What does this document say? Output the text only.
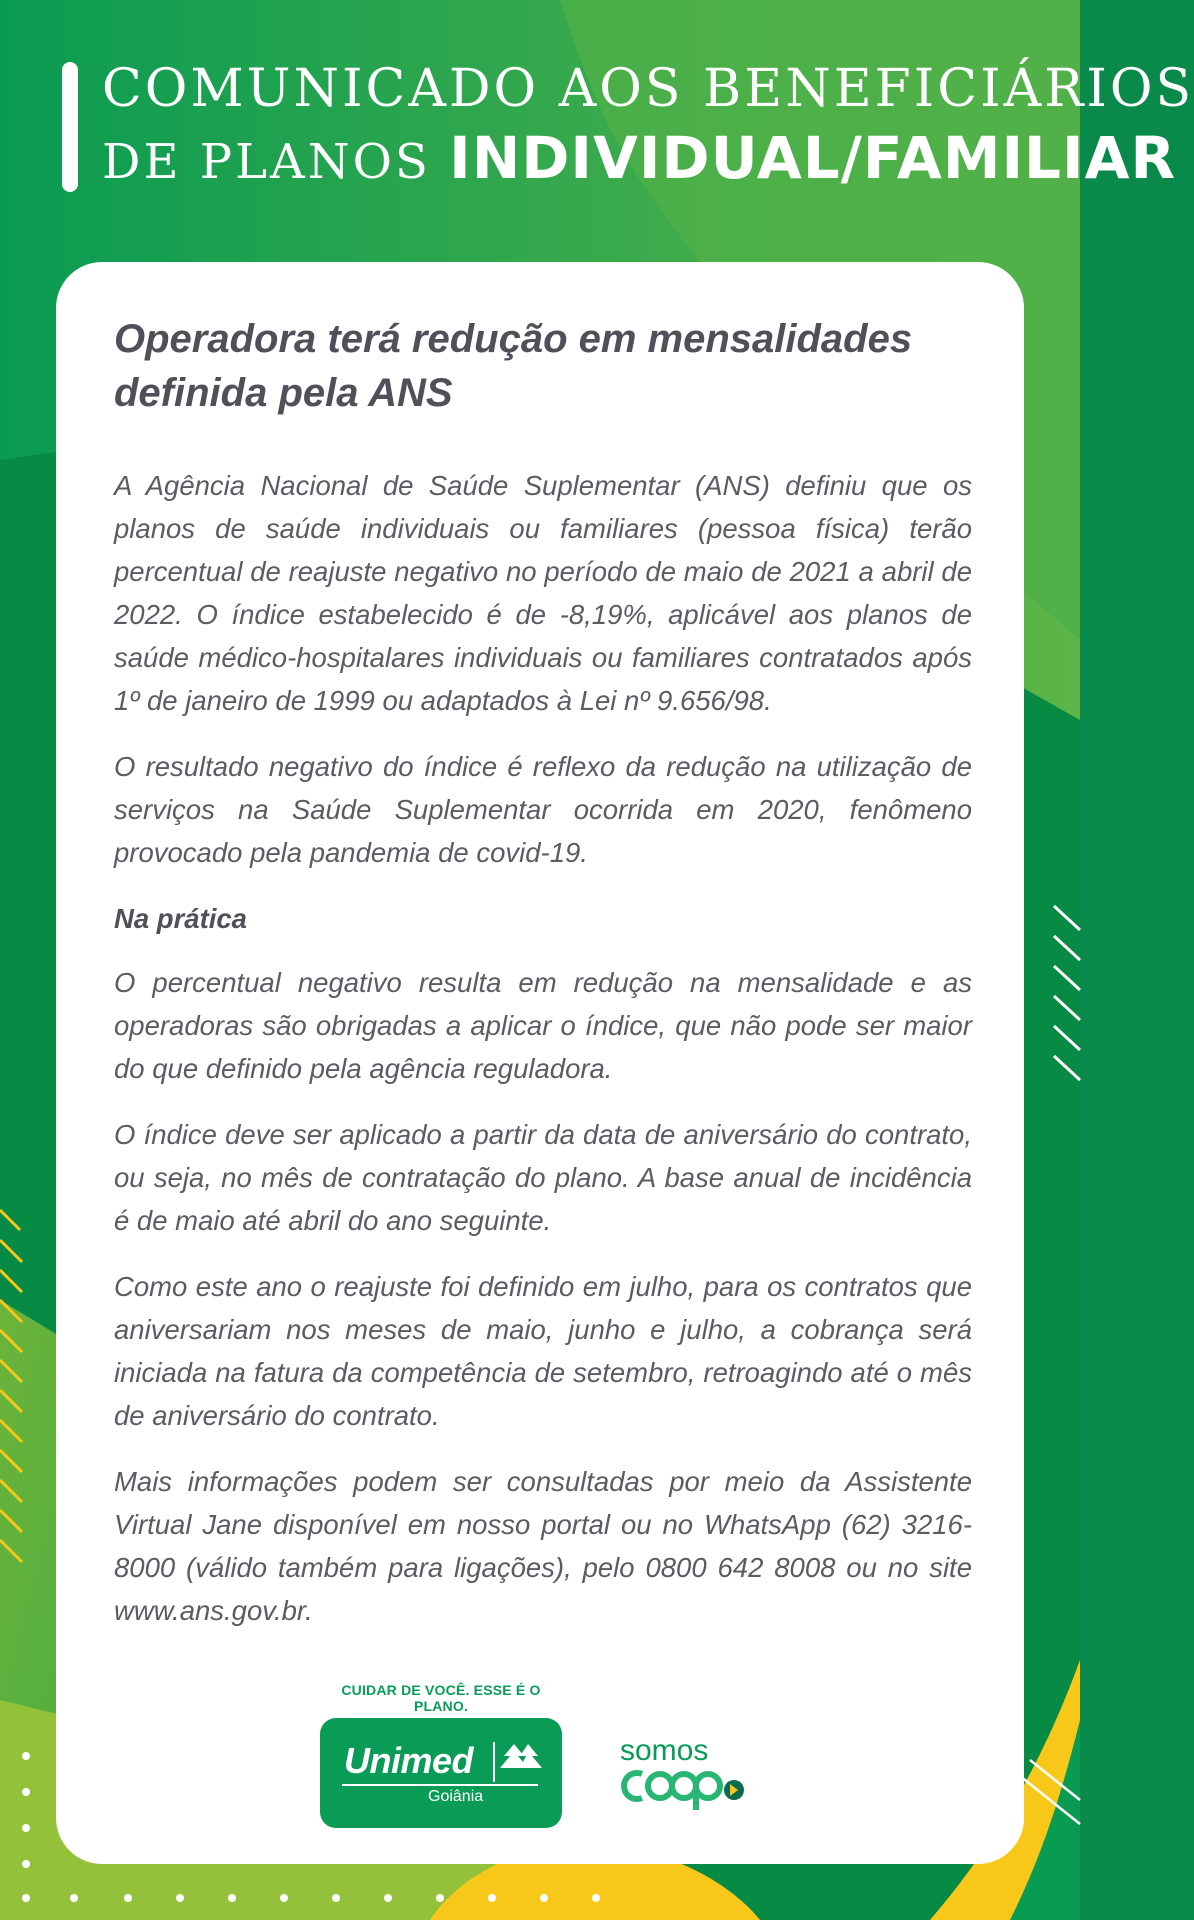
COMUNICADO AOS BENEFICIÁRIOS
DE PLANOS INDIVIDUAL/FAMILIAR
Operadora terá redução em mensalidades definida pela ANS

A Agência Nacional de Saúde Suplementar (ANS) definiu que os planos de saúde individuais ou familiares (pessoa física) terão percentual de reajuste negativo no período de maio de 2021 a abril de 2022. O índice estabelecido é de -8,19%, aplicável aos planos de saúde médico-hospitalares individuais ou familiares contratados após 1º de janeiro de 1999 ou adaptados à Lei nº 9.656/98.

O resultado negativo do índice é reflexo da redução na utilização de serviços na Saúde Suplementar ocorrida em 2020, fenômeno provocado pela pandemia de covid-19.

Na prática

O percentual negativo resulta em redução na mensalidade e as operadoras são obrigadas a aplicar o índice, que não pode ser maior do que definido pela agência reguladora.

O índice deve ser aplicado a partir da data de aniversário do contrato, ou seja, no mês de contratação do plano. A base anual de incidência é de maio até abril do ano seguinte.

Como este ano o reajuste foi definido em julho, para os contratos que aniversariam nos meses de maio, junho e julho, a cobrança será iniciada na fatura da competência de setembro, retroagindo até o mês de aniversário do contrato.

Mais informações podem ser consultadas por meio da Assistente Virtual Jane disponível em nosso portal ou no WhatsApp (62) 3216-8000 (válido também para ligações), pelo 0800 642 8008 ou no site www.ans.gov.br.

CUIDAR DE VOCÊ. ESSE É O PLANO.
Unimed
Goiânia
somos
